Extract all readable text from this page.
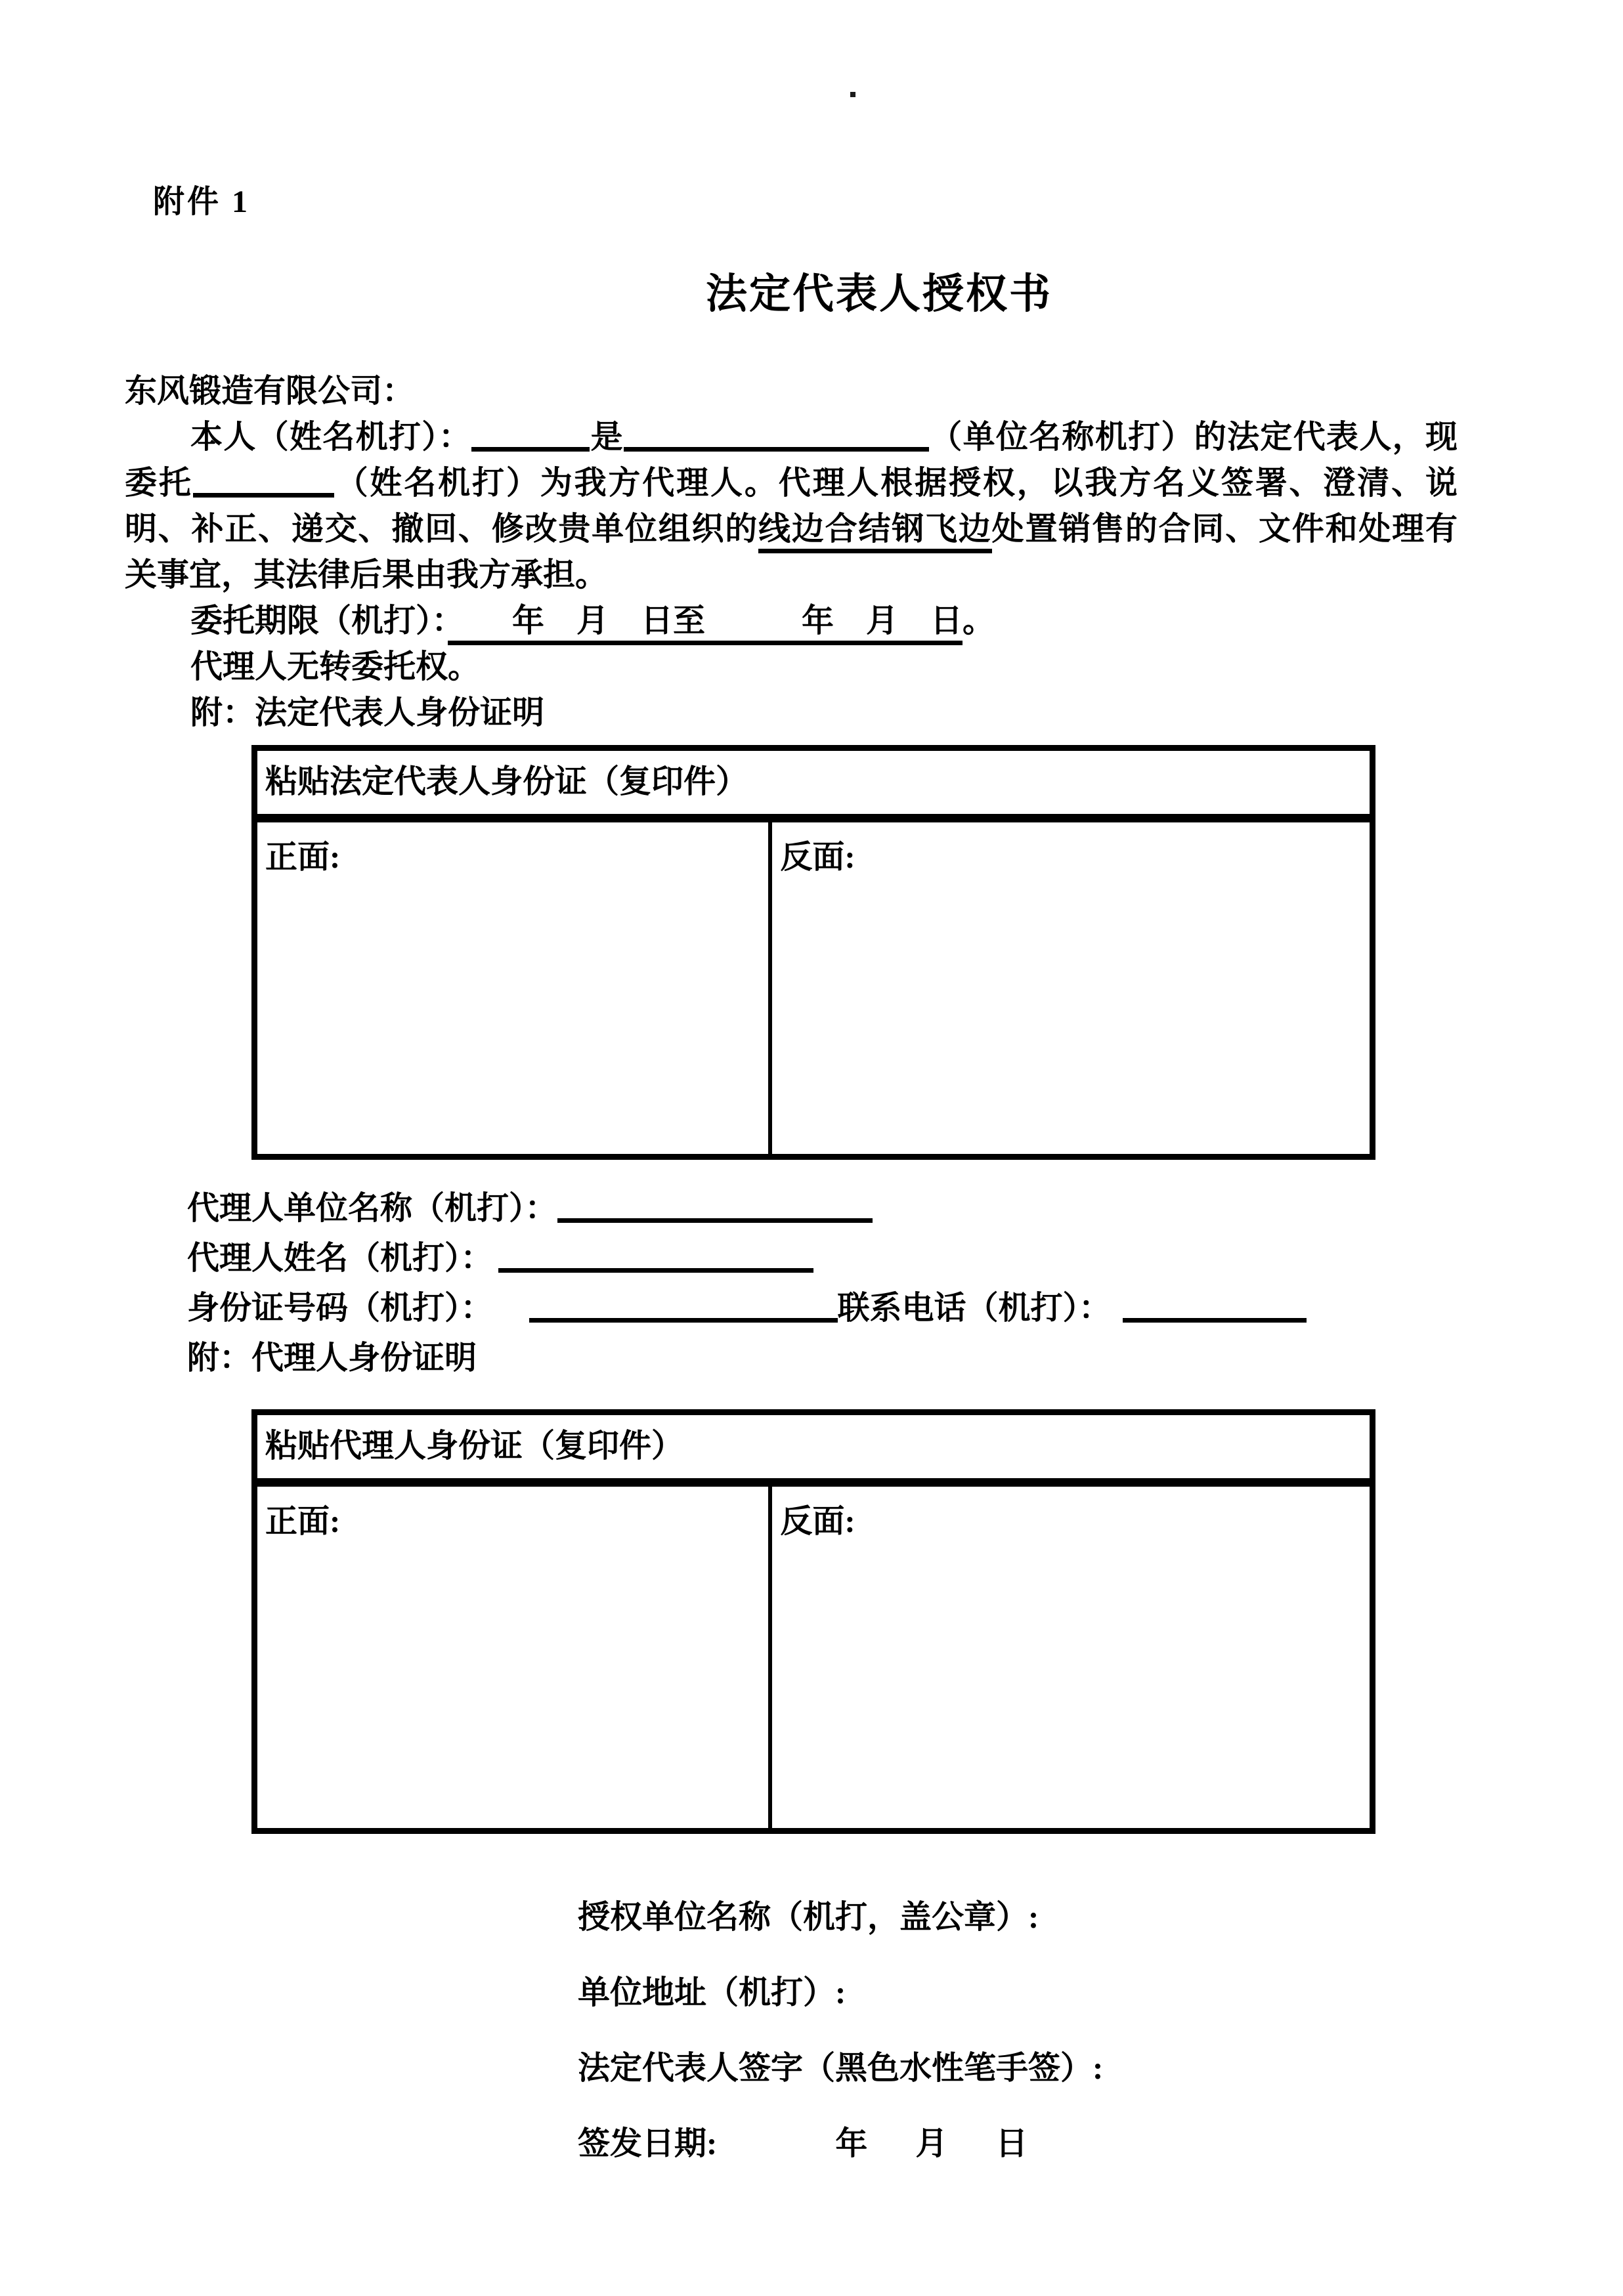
附件 1
法定代表人授权书
东风锻造有限公司：
本人（姓名机打）：	是	（单位名称机打）的法定代表人，现
委托	（姓名机打）为我方代理人。代理人根据授权，以我方名义签署、澄清、说
明、补正、递交、撤回、修改贵单位组织的线边合结钢飞边处置销售的合同、文件和处理有
关事宜，其法律后果由我方承担。
委托期限（机打）：　　年　月　日至　　　年　月　日。
代理人无转委托权。
附：法定代表人身份证明
粘贴法定代表人身份证（复印件）
正面:	反面:
代理人单位名称（机打）：
代理人姓名（机打）：
身份证号码（机打）：	联系电话（机打）：
附：代理人身份证明
粘贴代理人身份证（复印件）
正面:	反面:
授权单位名称（机打，盖公章）:
单位地址（机打）:
法定代表人签字（黑色水性笔手签）:
签发日期:	年　月　日
